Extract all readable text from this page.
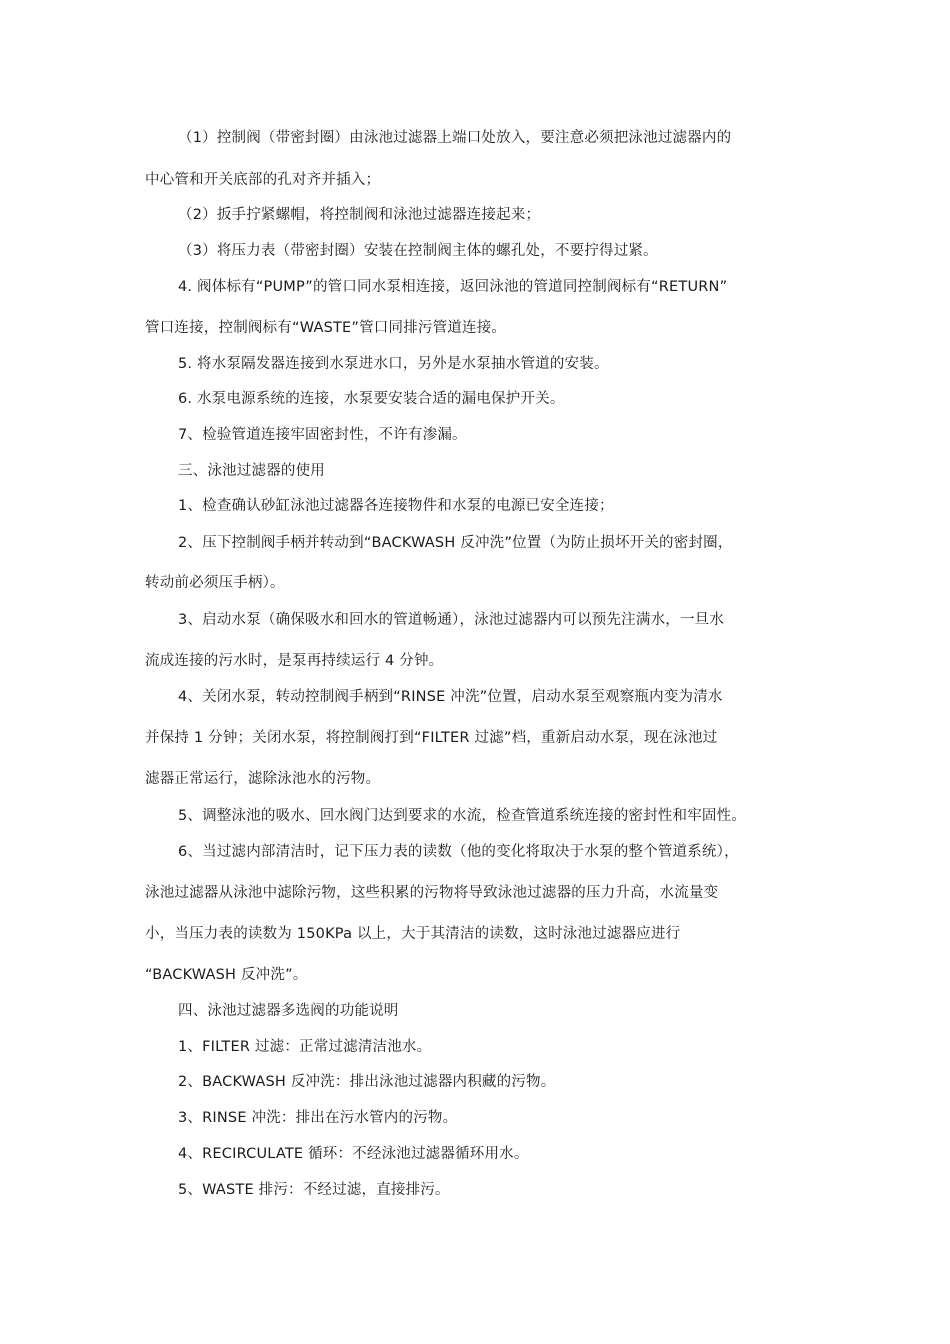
（1）控制阀（带密封圈）由泳池过滤器上端口处放入，要注意必须把泳池过滤器内的
中心管和开关底部的孔对齐并插入；
（2）扳手拧紧螺帽，将控制阀和泳池过滤器连接起来；
（3）将压力表（带密封圈）安装在控制阀主体的螺孔处，不要拧得过紧。
4. 阀体标有“PUMP”的管口同水泵相连接，返回泳池的管道同控制阀标有“RETURN”
管口连接，控制阀标有“WASTE”管口同排污管道连接。
5. 将水泵隔发器连接到水泵进水口，另外是水泵抽水管道的安装。
6. 水泵电源系统的连接，水泵要安装合适的漏电保护开关。
7、检验管道连接牢固密封性，不许有渗漏。
三、泳池过滤器的使用
1、检查确认砂缸泳池过滤器各连接物件和水泵的电源已安全连接；
2、压下控制阀手柄并转动到“BACKWASH 反冲洗”位置（为防止损坏开关的密封圈，
转动前必须压手柄）。
3、启动水泵（确保吸水和回水的管道畅通），泳池过滤器内可以预先注满水，一旦水
流成连接的污水时，是泵再持续运行 4 分钟。
4、关闭水泵，转动控制阀手柄到“RINSE 冲洗”位置，启动水泵至观察瓶内变为清水
并保持 1 分钟；关闭水泵，将控制阀打到“FILTER 过滤”档，重新启动水泵，现在泳池过
滤器正常运行，滤除泳池水的污物。
5、调整泳池的吸水、回水阀门达到要求的水流，检查管道系统连接的密封性和牢固性。
6、当过滤内部清洁时，记下压力表的读数（他的变化将取决于水泵的整个管道系统），
泳池过滤器从泳池中滤除污物，这些积累的污物将导致泳池过滤器的压力升高，水流量变
小，当压力表的读数为 150KPa 以上，大于其清洁的读数，这时泳池过滤器应进行
“BACKWASH 反冲洗”。
四、泳池过滤器多选阀的功能说明
1、FILTER 过滤：正常过滤清洁池水。
2、BACKWASH 反冲洗：排出泳池过滤器内积藏的污物。
3、RINSE 冲洗：排出在污水管内的污物。
4、RECIRCULATE 循环：不经泳池过滤器循环用水。
5、WASTE 排污：不经过滤，直接排污。
